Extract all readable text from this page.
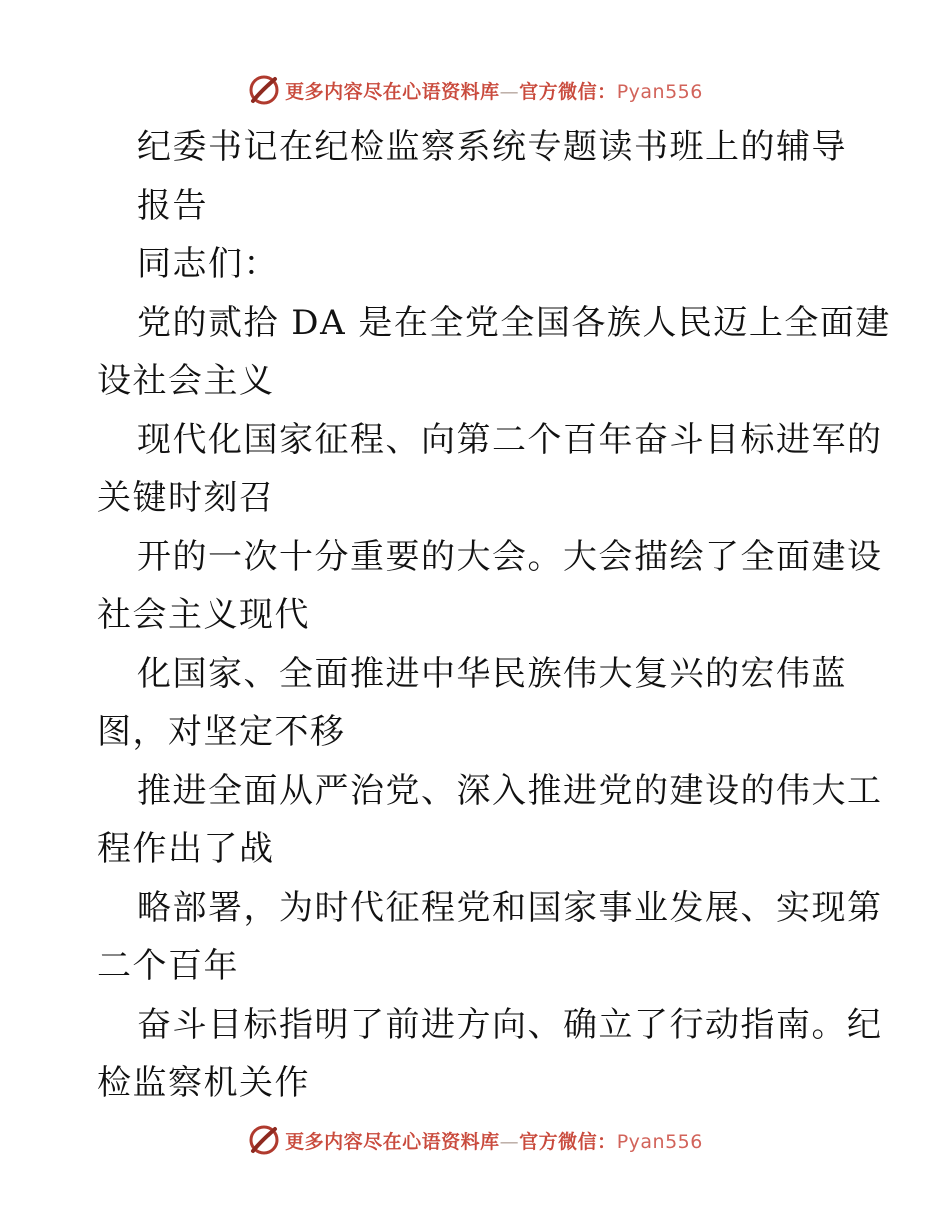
更多内容尽在心语资料库—官方微信：Pyan556
纪委书记在纪检监察系统专题读书班上的辅导
报告
同志们：
党的贰拾 DA 是在全党全国各族人民迈上全面建
设社会主义
现代化国家征程、向第二个百年奋斗目标进军的
关键时刻召
开的一次十分重要的大会。大会描绘了全面建设
社会主义现代
化国家、全面推进中华民族伟大复兴的宏伟蓝
图，对坚定不移
推进全面从严治党、深入推进党的建设的伟大工
程作出了战
略部署，为时代征程党和国家事业发展、实现第
二个百年
奋斗目标指明了前进方向、确立了行动指南。纪
检监察机关作
更多内容尽在心语资料库—官方微信：Pyan556
